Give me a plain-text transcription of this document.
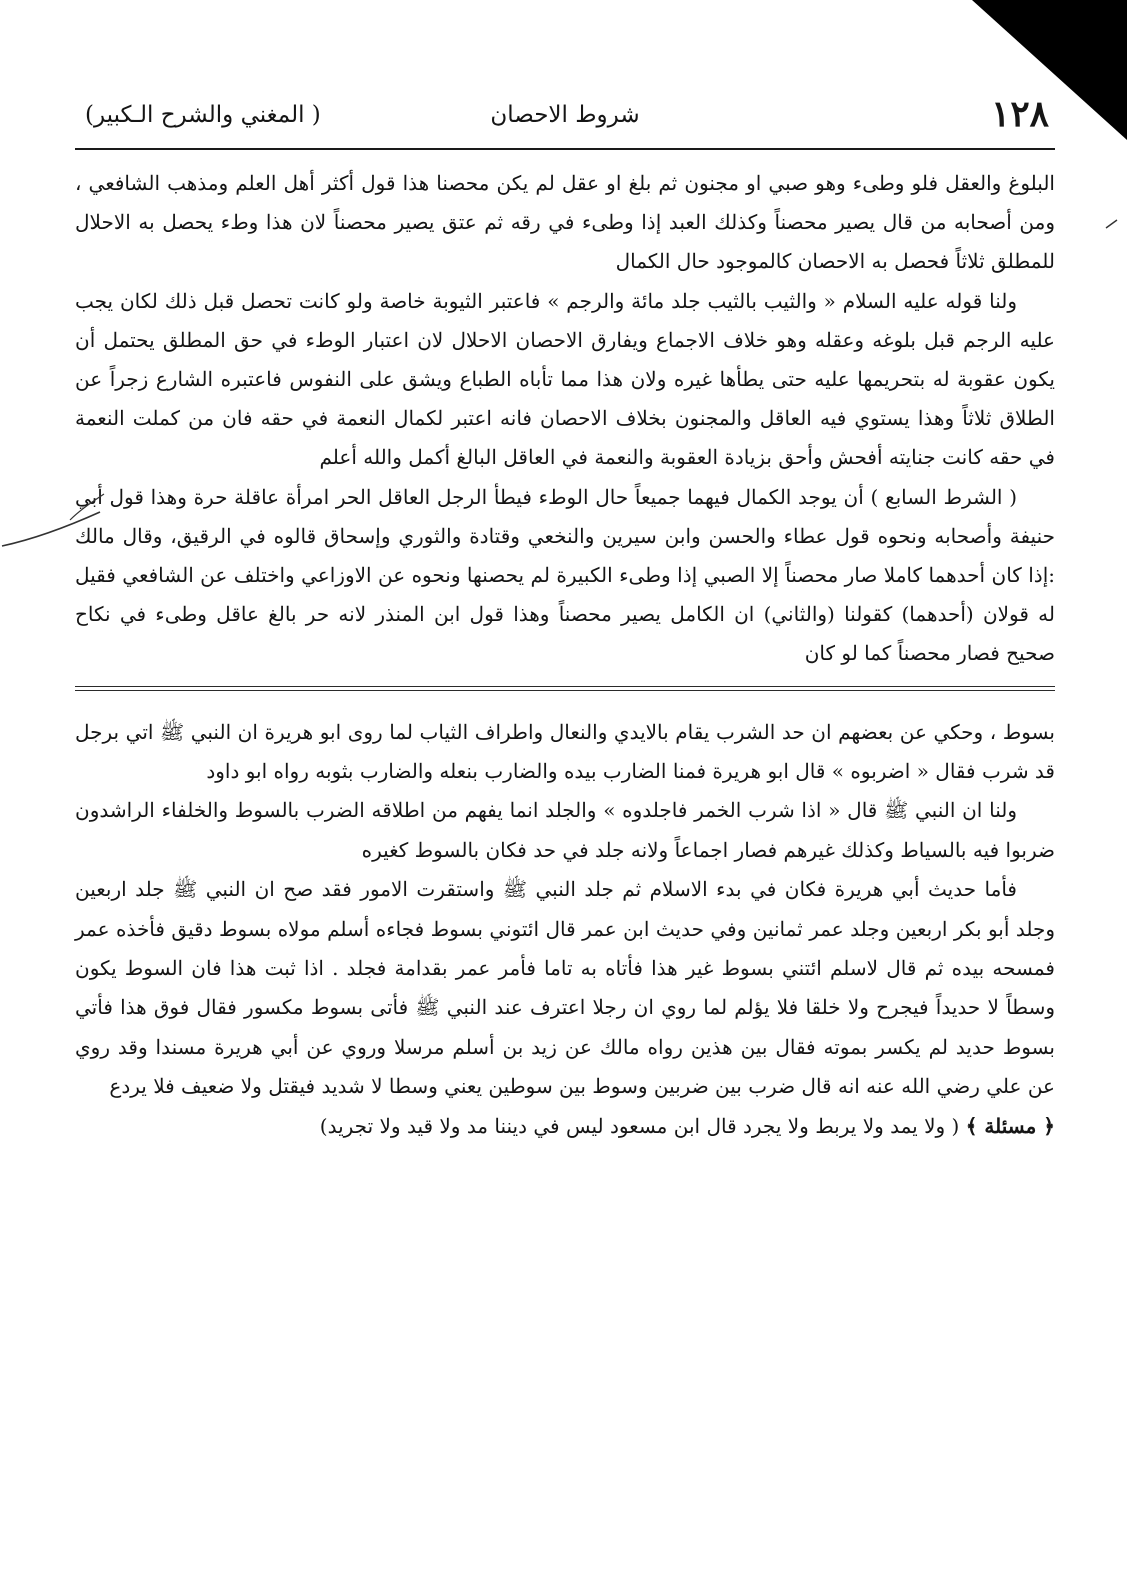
١٢٨
شروط الاحصان
( المغني والشرح الـكبير)

البلوغ والعقل فلو وطىء وهو صبي او مجنون ثم بلغ او عقل لم يكن محصنا هذا قول أكثر أهل العلم ومذهب الشافعي ، ومن أصحابه من قال يصير محصناً وكذلك العبد إذا وطىء في رقه ثم عتق يصير محصناً لان هذا وطء يحصل به الاحلال للمطلق ثلاثاً فحصل به الاحصان كالموجود حال الكمال

ولنا قوله عليه السلام « والثيب بالثيب جلد مائة والرجم » فاعتبر الثيوبة خاصة ولو كانت تحصل قبل ذلك لكان يجب عليه الرجم قبل بلوغه وعقله وهو خلاف الاجماع ويفارق الاحصان الاحلال لان اعتبار الوطء في حق المطلق يحتمل أن يكون عقوبة له بتحريمها عليه حتى يطأها غيره ولان هذا مما تأباه الطباع ويشق على النفوس فاعتبره الشارع زجراً عن الطلاق ثلاثاً وهذا يستوي فيه العاقل والمجنون بخلاف الاحصان فانه اعتبر لكمال النعمة في حقه فان من كملت النعمة في حقه كانت جنايته أفحش وأحق بزيادة العقوبة والنعمة في العاقل البالغ أكمل والله أعلم

( الشرط السابع ) أن يوجد الكمال فيهما جميعاً حال الوطء فيطأ الرجل العاقل الحر امرأة عاقلة حرة وهذا قول أبي حنيفة وأصحابه ونحوه قول عطاء والحسن وابن سيرين والنخعي وقتادة والثوري وإسحاق قالوه في الرقيق، وقال مالك :إذا كان أحدهما كاملا صار محصناً إلا الصبي إذا وطىء الكبيرة لم يحصنها ونحوه عن الاوزاعي واختلف عن الشافعي فقيل له قولان (أحدهما) كقولنا (والثاني) ان الكامل يصير محصناً وهذا قول ابن المنذر لانه حر بالغ عاقل وطىء في نكاح صحيح فصار محصناً كما لو كان

بسوط ، وحكي عن بعضهم ان حد الشرب يقام بالايدي والنعال واطراف الثياب لما روى ابو هريرة ان النبي ﷺ اتي برجل قد شرب فقال « اضربوه » قال ابو هريرة فمنا الضارب بيده والضارب بنعله والضارب بثوبه رواه ابو داود

ولنا ان النبي ﷺ قال « اذا شرب الخمر فاجلدوه » والجلد انما يفهم من اطلاقه الضرب بالسوط والخلفاء الراشدون ضربوا فيه بالسياط وكذلك غيرهم فصار اجماعاً ولانه جلد في حد فكان بالسوط كغيره

فأما حديث أبي هريرة فكان في بدء الاسلام ثم جلد النبي ﷺ واستقرت الامور فقد صح ان النبي ﷺ جلد اربعين وجلد أبو بكر اربعين وجلد عمر ثمانين وفي حديث ابن عمر قال ائتوني بسوط فجاءه أسلم مولاه بسوط دقيق فأخذه عمر فمسحه بيده ثم قال لاسلم ائتني بسوط غير هذا فأتاه به تاما فأمر عمر بقدامة فجلد . اذا ثبت هذا فان السوط يكون وسطاً لا حديداً فيجرح ولا خلقا فلا يؤلم لما روي ان رجلا اعترف عند النبي ﷺ فأتى بسوط مكسور فقال فوق هذا فأتي بسوط حديد لم يكسر بموته فقال بين هذين رواه مالك عن زيد بن أسلم مرسلا وروي عن أبي هريرة مسندا وقد روي عن علي رضي الله عنه انه قال ضرب بين ضربين وسوط بين سوطين يعني وسطا لا شديد فيقتل ولا ضعيف فلا يردع

﴿ مسئلة ﴾ ( ولا يمد ولا يربط ولا يجرد قال ابن مسعود ليس في ديننا مد ولا قيد ولا تجريد)
